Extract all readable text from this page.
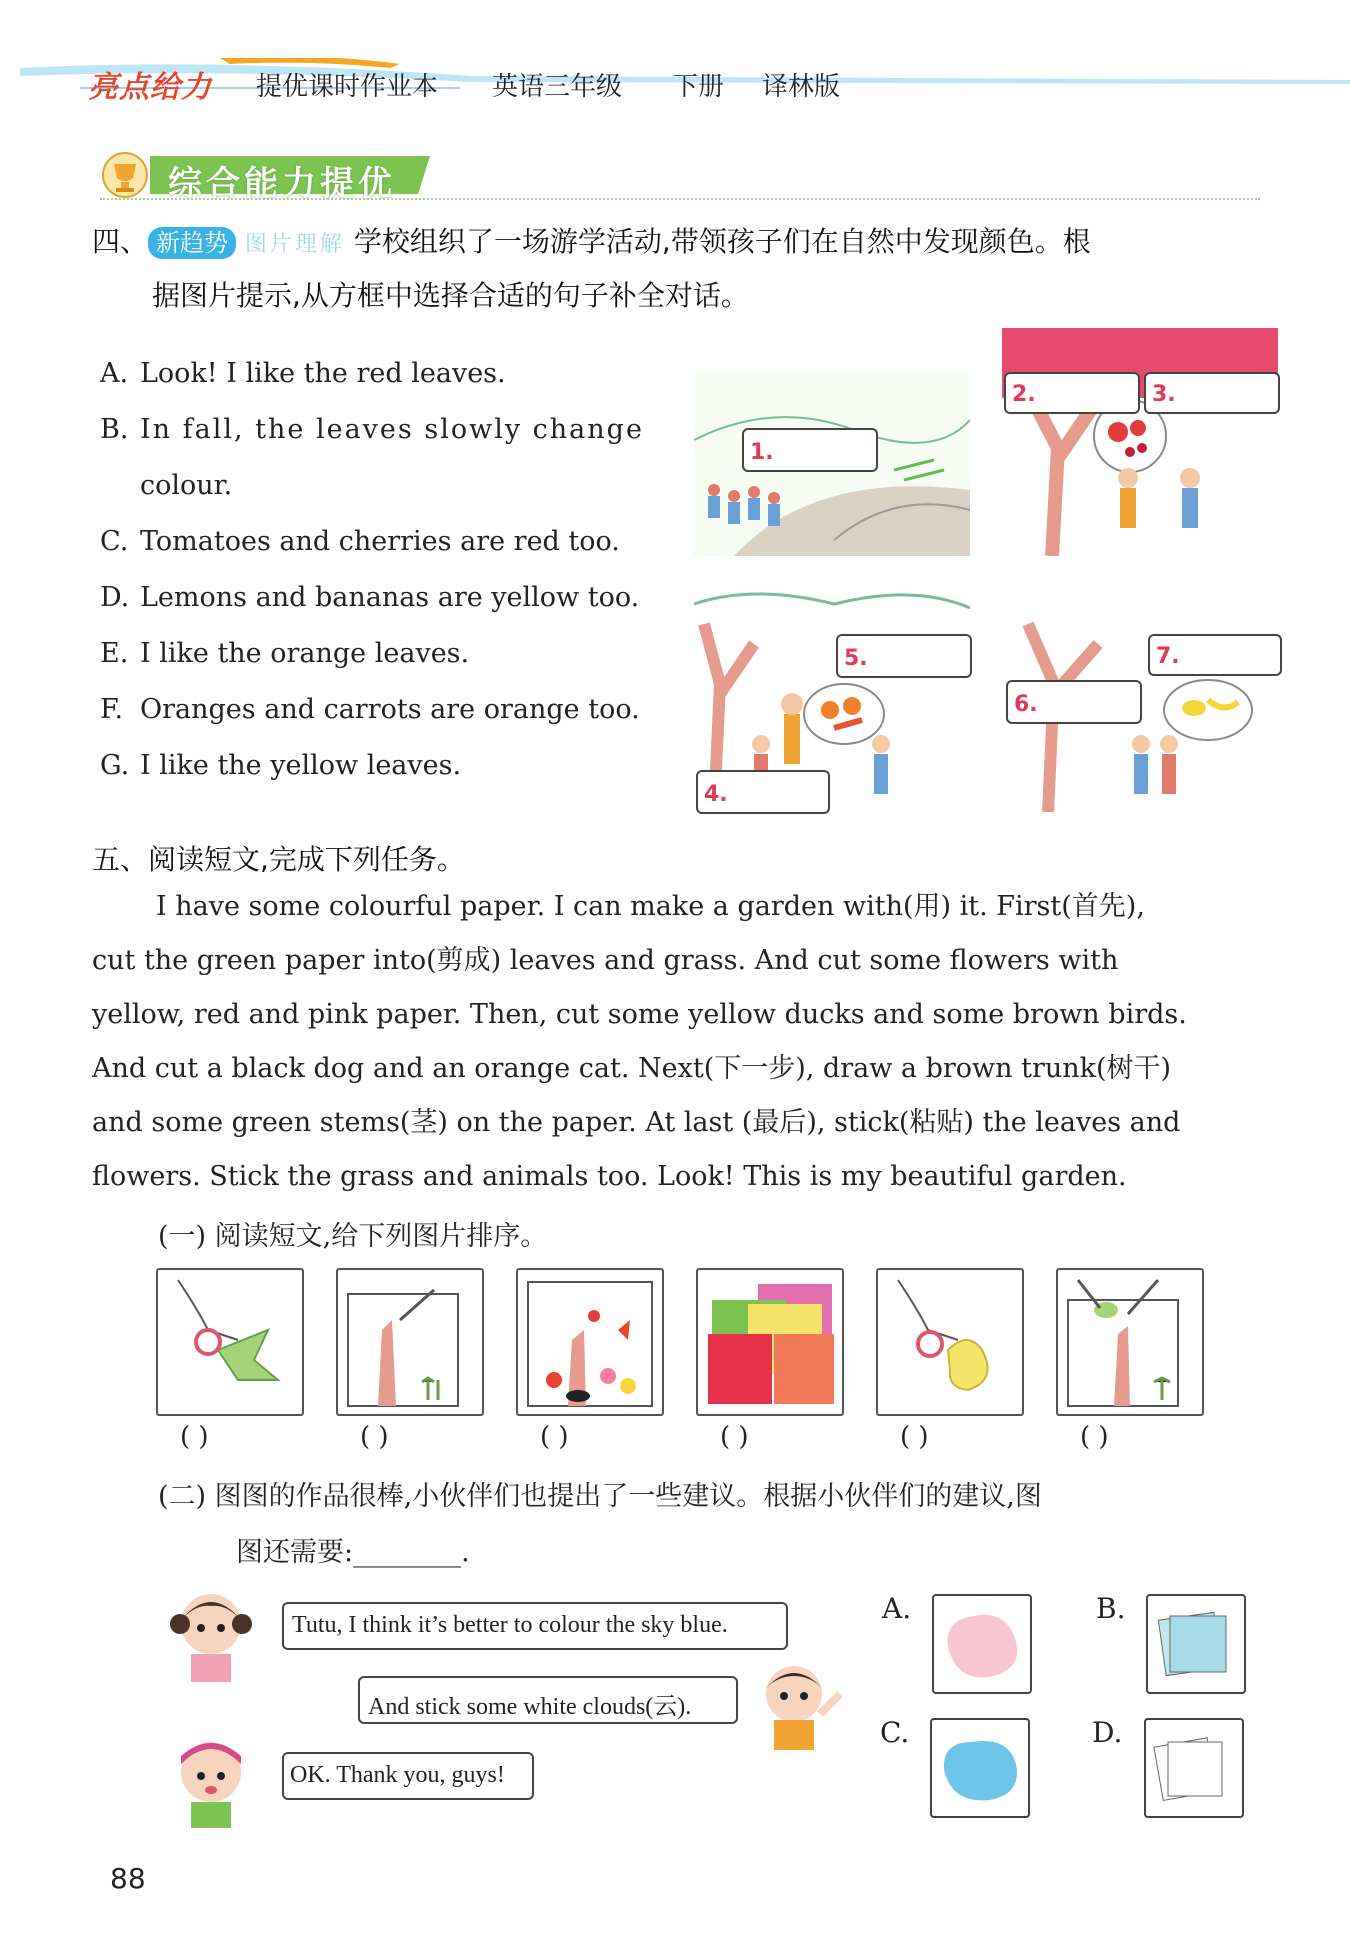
亮点给力 提优课时作业本 英语三年级 下册 译林版
综合能力提优
四、 新趋势 图片理解 学校组织了一场游学活动,带领孩子们在自然中发现颜色。根
据图片提示,从方框中选择合适的句子补全对话。
A. Look! I like the red leaves.
B. In fall, the leaves slowly change
colour.
C. Tomatoes and cherries are red too.
D. Lemons and bananas are yellow too.
E. I like the orange leaves.
F. Oranges and carrots are orange too.
G. I like the yellow leaves.
1.
2.	3.
5.
4.
7.
6.
五、阅读短文,完成下列任务。
I have some colourful paper. I can make a garden with(用) it. First(首先),
cut the green paper into(剪成) leaves and grass. And cut some flowers with
yellow, red and pink paper. Then, cut some yellow ducks and some brown birds.
And cut a black dog and an orange cat. Next(下一步), draw a brown trunk(树干)
and some green stems(茎) on the paper. At last (最后), stick(粘贴) the leaves and
flowers. Stick the grass and animals too. Look! This is my beautiful garden.
(一) 阅读短文,给下列图片排序。
( )	( )	( )	( )	( )	( )
(二) 图图的作品很棒,小伙伴们也提出了一些建议。根据小伙伴们的建议,图
图还需要:________.
Tutu, I think it’s better to colour the sky blue.
And stick some white clouds(云).
OK. Thank you, guys!
A.	B.
C.	D.
88
